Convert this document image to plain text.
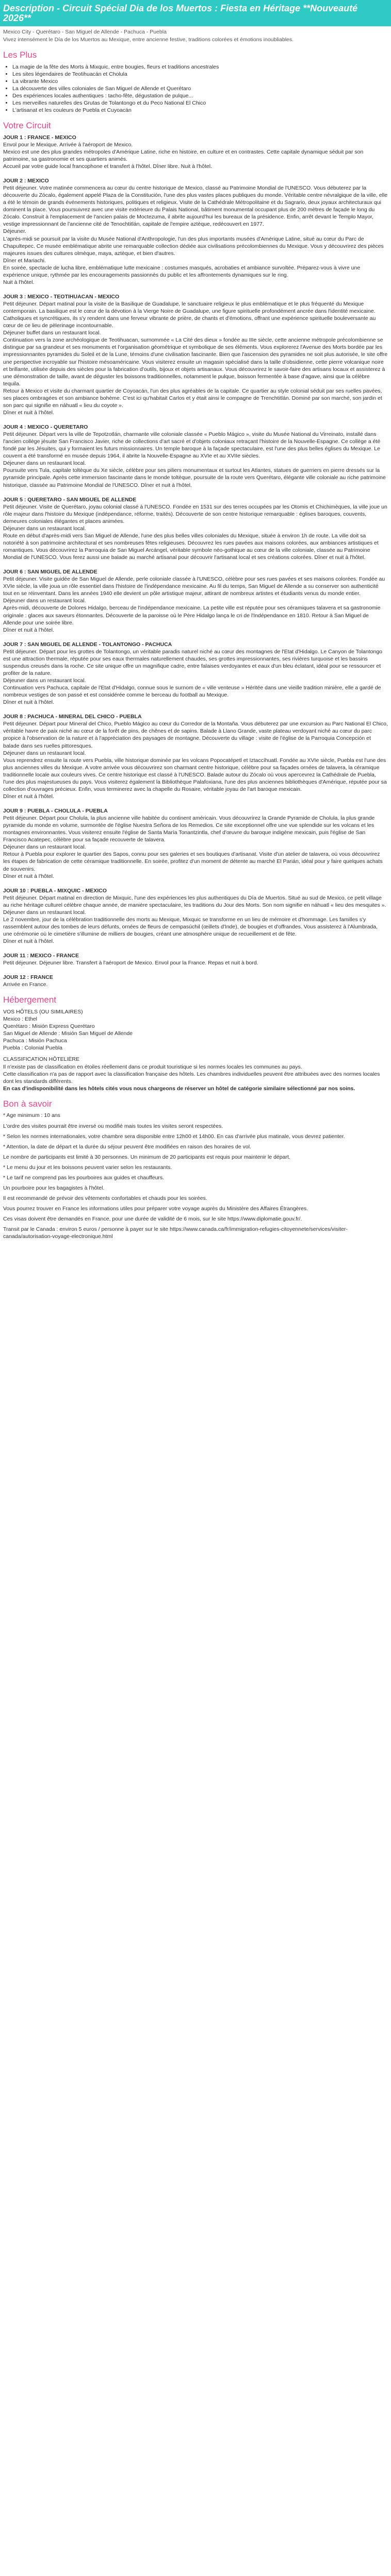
Description - Circuit Spécial Dia de los Muertos : Fiesta en Héritage **Nouveauté 2026**
Mexico City - Querétaro - San Miguel de Allende - Pachuca - Puebla
Vivez intensément le Día de los Muertos au Mexique, entre ancienne festive, traditions colorées et émotions inoubliables.
Les Plus
• La magie de la fête des Morts à Mixquic, entre bougies, fleurs et traditions ancestrales
• Les sites légendaires de Teotihuacán et Cholula
• La vibrante Mexico
• La découverte des villes coloniales de San Miguel de Allende et Querétaro
• Des expériences locales authentiques : tacho-fête, dégustation de pulque...
• Les merveilles naturelles des Grutas de Tolantongo et du Peco National El Chico
• L'artisanat et les couleurs de Puebla et Cuyoacán
Votre Circuit
JOUR 1 : FRANCE - MEXICO
Envol pour le Mexique. Arrivée à l'aéroport de Mexico.
Mexico est une des plus grandes métropoles d'Amérique Latine, riche en histoire, en culture et en contrastes. Cette capitale dynamique séduit par son patrimoine, sa gastronomie et ses quartiers animés.
Accueil par votre guide local francophone et transfert à l'hôtel. Dîner libre. Nuit à l'hôtel.
JOUR 2 : MEXICO
Petit déjeuner. Votre matinée commencera au cœur du centre historique de Mexico, classé au Patrimoine Mondial de l'UNESCO. Vous débuterez par la découverte du Zócalo, également appelé Plaza de la Constitución, l'une des plus vastes places publiques du monde. Véritable centre névralgique de la ville, elle a été le témoin de grands événements historiques, politiques et religieux. Visite de la Cathédrale Métropolitaine et du Sagrario, deux joyaux architecturaux qui dominent la place. Vous poursuivrez avec une visite extérieure du Palais National, bâtiment monumental occupant plus de 200 mètres de façade le long du Zócalo. Construit à l'emplacement de l'ancien palais de Moctezuma, il abrite aujourd'hui les bureaux de la présidence. Enfin, arrêt devant le Templo Mayor, vestige impressionnant de l'ancienne cité de Tenochtitlán, capitale de l'empire aztèque, redécouvert en 1977.
Déjeuner.
L'après-midi se poursuit par la visite du Musée National d'Anthropologie, l'un des plus importants musées d'Amérique Latine, situé au cœur du Parc de Chapultepec. Ce musée emblématique abrite une remarquable collection dédiée aux civilisations précolombiennes du Mexique. Vous y découvrirez des pièces majeures issues des cultures olmèque, maya, aztèque, et bien d'autres.
Dîner et Mariachi.
En soirée, spectacle de lucha libre, emblématique lutte mexicaine : costumes masqués, acrobaties et ambiance survoltée. Préparez-vous à vivre une expérience unique, rythmée par les encouragements passionnés du public et les affrontements dynamiques sur le ring.
Nuit à l'hôtel.
JOUR 3 : MEXICO - TEOTIHUACAN - MEXICO
Petit déjeuner. Départ matinal pour la visite de la Basilique de Guadalupe, le sanctuaire religieux le plus emblématique et le plus fréquenté du Mexique contemporain. La basilique est le cœur de la dévotion à la Vierge Noire de Guadalupe, une figure spirituelle profondément ancrée dans l'identité mexicaine. Catholiques et syncrétiques, ils s'y rendent dans une ferveur vibrante de prière, de chants et d'émotions, offrant une expérience spirituelle bouleversante au cœur de ce lieu de pèlerinage incontournable.
Déjeuner buffet dans un restaurant local.
Continuation vers la zone archéologique de Teotihuacan, surnommée « La Cité des dieux » fondée au IIIe siècle, cette ancienne métropole précolombienne se distingue par sa grandeur et ses monuments et l'organisation géométrique et symbolique de ses éléments. Vous explorerez l'Avenue des Morts bordée par les impressionnantes pyramides du Soleil et de la Lune, témoins d'une civilisation fascinante. Bien que l'ascension des pyramides ne soit plus autorisée, le site offre une perspective incroyable sur l'histoire mésoaméricaine. Vous visiterez ensuite un magasin spécialisé dans la taille d'obsidienne, cette pierre volcanique noire et brillante, utilisée depuis des siècles pour la fabrication d'outils, bijoux et objets artisanaux. Vous découvrirez le savoir-faire des artisans locaux et assisterez à une démonstration de taille, avant de déguster les boissons traditionnelles, notamment le pulque, boisson fermentée à base d'agave, ainsi que la célèbre tequila.
Retour à Mexico et visite du charmant quartier de Coyoacán, l'un des plus agréables de la capitale. Ce quartier au style colonial séduit par ses ruelles pavées, ses places ombragées et son ambiance bohème. C'est ici qu'habitait Carlos et y était ainsi le compagne de Trenchtitlán. Dominé par son marché, son jardin et son parc qui signifie en náhuatl « lieu du coyote ».
Dîner et nuit à l'hôtel.
JOUR 4 : MEXICO - QUERETARO
Petit déjeuner. Départ vers la ville de Tepotzotlán, charmante ville coloniale classée « Pueblo Mágico », visite du Musée National du Virreinato, installé dans l'ancien collège jésuite San Francisco Javier, riche de collections d'art sacré et d'objets coloniaux retraçant l'histoire de la Nouvelle-Espagne. Ce collège a été fondé par les Jésuites, qui y formaient les futurs missionnaires. Un temple baroque à la façade spectaculaire, est l'une des plus belles églises du Mexique. Le couvent a été transformé en musée depuis 1964, il abrite la Nouvelle-Espagne au XVIe et au XVIIe siècles.
Déjeuner dans un restaurant local.
Poursuite vers Tula, capitale toltèque du Xe siècle, célèbre pour ses piliers monumentaux et surtout les Atlantes, statues de guerriers en pierre dressés sur la pyramide principale. Après cette immersion fascinante dans le monde toltèque, poursuite de la route vers Querétaro, élégante ville coloniale au riche patrimoine historique, classée au Patrimoine Mondial de l'UNESCO. Dîner et nuit à l'hôtel.
JOUR 5 : QUERETARO - SAN MIGUEL DE ALLENDE
Petit déjeuner. Visite de Querétaro, joyau colonial classé à l'UNESCO. Fondée en 1531 sur des terres occupées par les Otomis et Chichimèques, la ville joue un rôle majeur dans l'histoire du Mexique (indépendance, réforme, traités). Découverte de son centre historique remarquable : églises baroques, couvents, demeures coloniales élégantes et places animées.
Déjeuner dans un restaurant local.
Route en début d'après-midi vers San Miguel de Allende, l'une des plus belles villes coloniales du Mexique, située à environ 1h de route. La ville doit sa notoriété à son patrimoine architectural et ses nombreuses fêtes religieuses. Découvrez les rues pavées aux maisons colorées, aux ambiances artistiques et romantiques. Vous découvrirez la Parroquia de San Miguel Arcángel, véritable symbole néo-gothique au cœur de la ville coloniale, classée au Patrimoine Mondial de l'UNESCO. Vous ferez aussi une balade au marché artisanal pour découvrir l'artisanat local et ses créations colorées. Dîner et nuit à l'hôtel.
JOUR 6 : SAN MIGUEL DE ALLENDE
Petit déjeuner. Visite guidée de San Miguel de Allende, perle coloniale classée à l'UNESCO, célèbre pour ses rues pavées et ses maisons colorées. Fondée au XVIe siècle, la ville joua un rôle essentiel dans l'histoire de l'indépendance mexicaine. Au fil du temps, San Miguel de Allende a su conserver son authenticité tout en se réinventant. Dans les années 1940 elle devient un pôle artistique majeur, attirant de nombreux artistes et étudiants venus du monde entier.
Déjeuner dans un restaurant local.
Après-midi, découverte de Dolores Hidalgo, berceau de l'indépendance mexicaine. La petite ville est réputée pour ses céramiques talavera et sa gastronomie originale : glaces aux saveurs étonnantes. Découverte de la paroisse où le Père Hidalgo lança le cri de l'Indépendance en 1810. Retour à San Miguel de Allende pour une soirée libre.
Dîner et nuit à l'hôtel.
JOUR 7 : SAN MIGUEL DE ALLENDE - TOLANTONGO - PACHUCA
Petit déjeuner. Départ pour les grottes de Tolantongo, un véritable paradis naturel niché au cœur des montagnes de l'Etat d'Hidalgo. Le Canyon de Tolantongo est une attraction thermale, réputée pour ses eaux thermales naturellement chaudes, ses grottes impressionnantes, ses rivières turquoise et les bassins suspendus creusés dans la roche. Ce site unique offre un magnifique cadre, entre falaises verdoyantes et eaux d'un bleu éclatant, idéal pour se ressourcer et profiter de la nature.
Déjeuner dans un restaurant local.
Continuation vers Pachuca, capitale de l'Etat d'Hidalgo, connue sous le surnom de « ville venteuse » Héritée dans une vieille tradition minière, elle a gardé de nombreux vestiges de son passé et est considérée comme le berceau du football au Mexique.
Dîner et nuit à l'hôtel.
JOUR 8 : PACHUCA - MINERAL DEL CHICO - PUEBLA
Petit déjeuner. Départ pour Mineral del Chico, Pueblo Mágico au cœur du Corredor de la Montaña. Vous débuterez par une excursion au Parc National El Chico, véritable havre de paix niché au cœur de la forêt de pins, de chênes et de sapins. Balade à Llano Grande, vaste plateau verdoyant niché au cœur du parc propice à l'observation de la nature et à l'appréciation des paysages de montagne. Découverte du village : visite de l'église de la Parroquia Concepción et balade dans ses ruelles pittoresques.
Déjeuner dans un restaurant local.
Vous reprendrez ensuite la route vers Puebla, ville historique dominée par les volcans Popocatépetl et Iztaccíhuatl. Fondée au XVIe siècle, Puebla est l'une des plus anciennes villes du Mexique. A votre arrivée vous découvrirez son charmant centre historique, célèbre pour sa façades ornées de talavera, la céramique traditionnelle locale aux couleurs vives. Ce centre historique est classé à l'UNESCO. Balade autour du Zócalo où vous apercevrez la Cathédrale de Puebla, l'une des plus majestueuses du pays. Vous visiterez également la Bibliothèque Palafoxiana, l'une des plus anciennes bibliothèques d'Amérique, réputée pour sa collection d'ouvrages précieux. Enfin, vous terminerez avec la chapelle du Rosaire, véritable joyau de l'art baroque mexicain.
Dîner et nuit à l'hôtel.
JOUR 9 : PUEBLA - CHOLULA - PUEBLA
Petit déjeuner. Départ pour Cholula, la plus ancienne ville habitée du continent américain. Vous découvrirez la Grande Pyramide de Cholula, la plus grande pyramide du monde en volume, surmontée de l'église Nuestra Señora de los Remedios. Ce site exceptionnel offre une vue splendide sur les volcans et les montagnes environnantes. Vous visiterez ensuite l'église de Santa María Tonantzintla, chef d'œuvre du baroque indigène mexicain, puis l'église de San Francisco Acatepec, célèbre pour sa façade recouverte de talavera.
Déjeuner dans un restaurant local.
Retour à Puebla pour explorer le quartier des Sapos, connu pour ses galeries et ses boutiques d'artisanat. Visite d'un atelier de talavera, où vous découvrirez les étapes de fabrication de cette céramique traditionnelle. En soirée, profitez d'un moment de détente au marché El Parián, idéal pour y faire quelques achats de souvenirs.
Dîner et nuit à l'hôtel.
JOUR 10 : PUEBLA - MIXQUIC - MEXICO
Petit déjeuner. Départ matinal en direction de Mixquic, l'une des expériences les plus authentiques du Día de Muertos. Situé au sud de Mexico, ce petit village au riche héritage culturel célèbre chaque année, de manière spectaculaire, les traditions du Jour des Morts. Son nom signifie en náhuatl « lieu des mesquites ».
Déjeuner dans un restaurant local.
Le 2 novembre, jour de la célébration traditionnelle des morts au Mexique, Mixquic se transforme en un lieu de mémoire et d'hommage. Les familles s'y rassemblent autour des tombes de leurs défunts, ornées de fleurs de cempasúchil (œillets d'Inde), de bougies et d'offrandes. Vous assisterez à l'Alumbrada, une cérémonie où le cimetière s'illumine de milliers de bougies, créant une atmosphère unique de recueillement et de fête.
Dîner et nuit à l'hôtel.
JOUR 11 : MEXICO - FRANCE
Petit déjeuner. Déjeuner libre. Transfert à l'aéroport de Mexico. Envol pour la France. Repas et nuit à bord.
JOUR 12 : FRANCE
Arrivée en France.
Hébergement
VOS HÔTELS (OU SIMILAIRES)
Mexico : Ethel
Querétaro : Misión Express Querétaro
San Miguel de Allende : Misión San Miguel de Allende
Pachuca : Misión Pachuca
Puebla : Colonial Puebla
CLASSIFICATION HÔTELIÈRE
Il n'existe pas de classification en étoiles réellement dans ce produit touristique si les normes locales les communes au pays.
Cette classification n'a pas de rapport avec la classification française des hôtels. Les chambres individuelles peuvent être attribuées avec des normes locales dont les standards différents.
En cas d'indisponibilité dans les hôtels cités vous nous chargeons de réserver un hôtel de catégorie similaire sélectionné par nos soins.
Bon à savoir
* Age minimum : 10 ans
L'ordre des visites pourrait être inversé ou modifié mais toutes les visites seront respectées.
* Selon les normes internationales, votre chambre sera disponible entre 12h00 et 14h00. En cas d'arrivée plus matinale, vous devrez patienter.
* Attention, la date de départ et la durée du séjour peuvent être modifiées en raison des horaires de vol.
Le nombre de participants est limité à 30 personnes. Un minimum de 20 participants est requis pour maintenir le départ.
* Le menu du jour et les boissons peuvent varier selon les restaurants.
* Le tarif ne comprend pas les pourboires aux guides et chauffeurs.
Un pourboire pour les bagagistes à l'hôtel.
Il est recommandé de prévoir des vêtements confortables et chauds pour les soirées.
Vous pourrez trouver en France les informations utiles pour préparer votre voyage auprès du Ministère des Affaires Étrangères.
Ces visas doivent être demandés en France, pour une durée de validité de 6 mois, sur le site https://www.diplomatie.gouv.fr/.
Transit par le Canada : environ 5 euros / personne à payer sur le site https://www.canada.ca/fr/immigration-refugies-citoyennete/services/visiter-canada/autorisation-voyage-electronique.html
